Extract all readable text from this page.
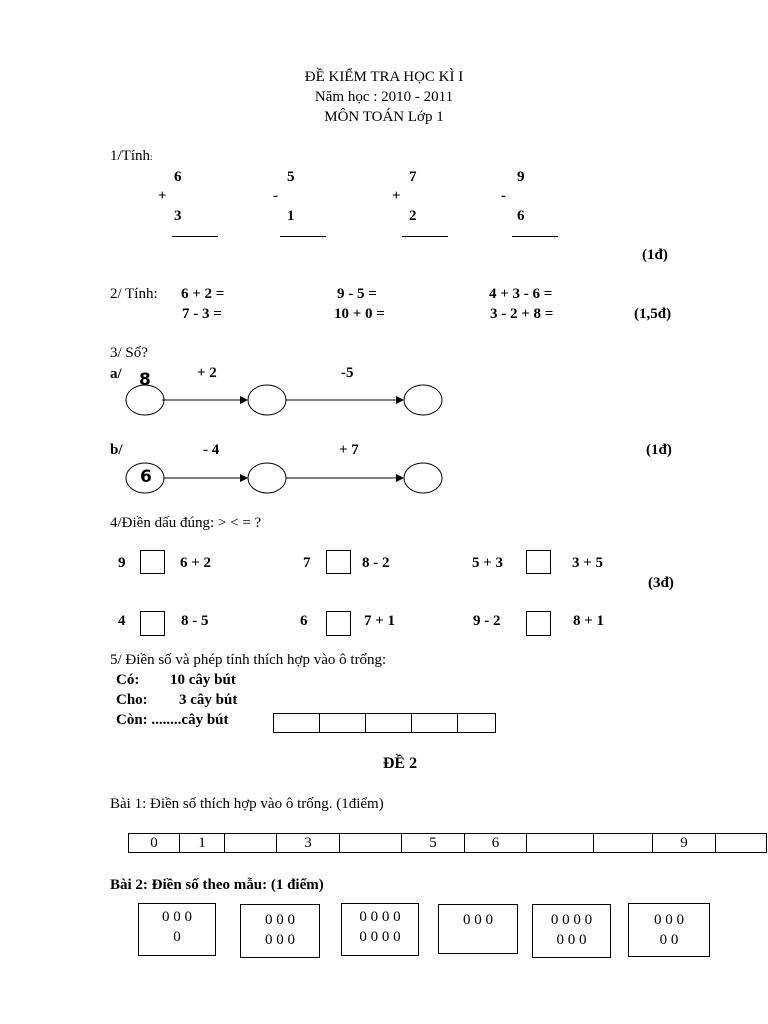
ĐỀ KIỂM TRA HỌC KÌ I
Năm học : 2010 - 2011
MÔN TOÁN Lớp 1
1/Tính:
6
+
3
5
-
1
7
+
2
9
-
6
(1đ)
2/ Tính: 6 + 2 =	9 - 5 =	4 + 3 - 6 =
7 - 3 =	10 + 0 =	3 - 2 + 8 =	(1,5đ)
3/ Số?
a/	+ 2	-5
8
b/	- 4	+ 7
6
(1đ)
4/Điền dấu đúng: > < = ?
9	6 + 2	7	8 - 2	5 + 3	3 + 5
(3đ)
4	8 - 5	6	7 + 1	9 - 2	8 + 1
5/ Điền số và phép tính thích hợp vào ô trống:
Có: 10 cây bút
Cho: 3 cây bút
Còn: ........cây bút

ĐỀ 2
Bài 1: Điền số thích hợp vào ô trống. (1điểm)
0	1		3		5	6			9	
Bài 2: Điền số theo mẫu: (1 điểm)
0 0 0
0
0 0 0
0 0 0
0 0 0 0
0 0 0 0
0 0 0	0 0 0 0
0 0 0
0 0 0
0 0
